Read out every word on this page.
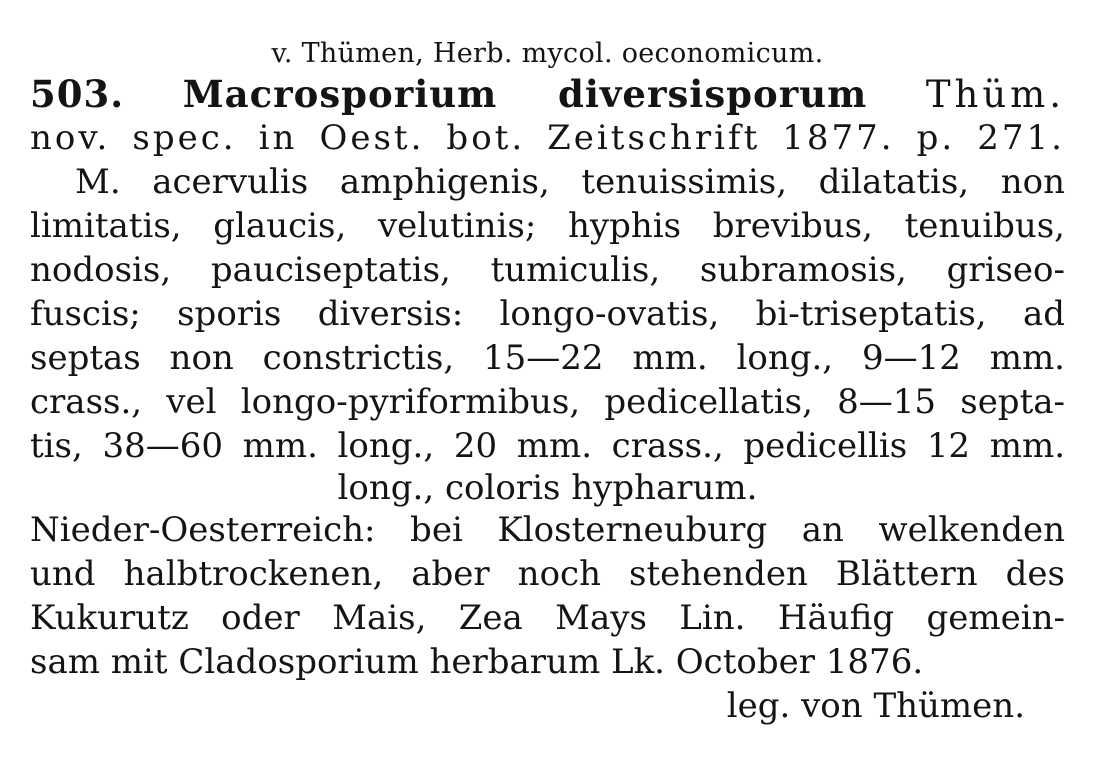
v. Thümen, Herb. mycol. oeconomicum.
503. Macrosporium diversisporum Thüm.
nov. spec. in Oest. bot. Zeitschrift 1877. p. 271.
M. acervulis amphigenis, tenuissimis, dilatatis, non
limitatis, glaucis, velutinis; hyphis brevibus, tenuibus,
nodosis, pauciseptatis, tumiculis, subramosis, griseo-
fuscis; sporis diversis: longo-ovatis, bi-triseptatis, ad
septas non constrictis, 15—22 mm. long., 9—12 mm.
crass., vel longo-pyriformibus, pedicellatis, 8—15 septa-
tis, 38—60 mm. long., 20 mm. crass., pedicellis 12 mm.
long., coloris hypharum.
Nieder-Oesterreich: bei Klosterneuburg an welkenden
und halbtrockenen, aber noch stehenden Blättern des
Kukurutz oder Mais, Zea Mays Lin. Häufig gemein-
sam mit Cladosporium herbarum Lk. October 1876.
leg. von Thümen.
